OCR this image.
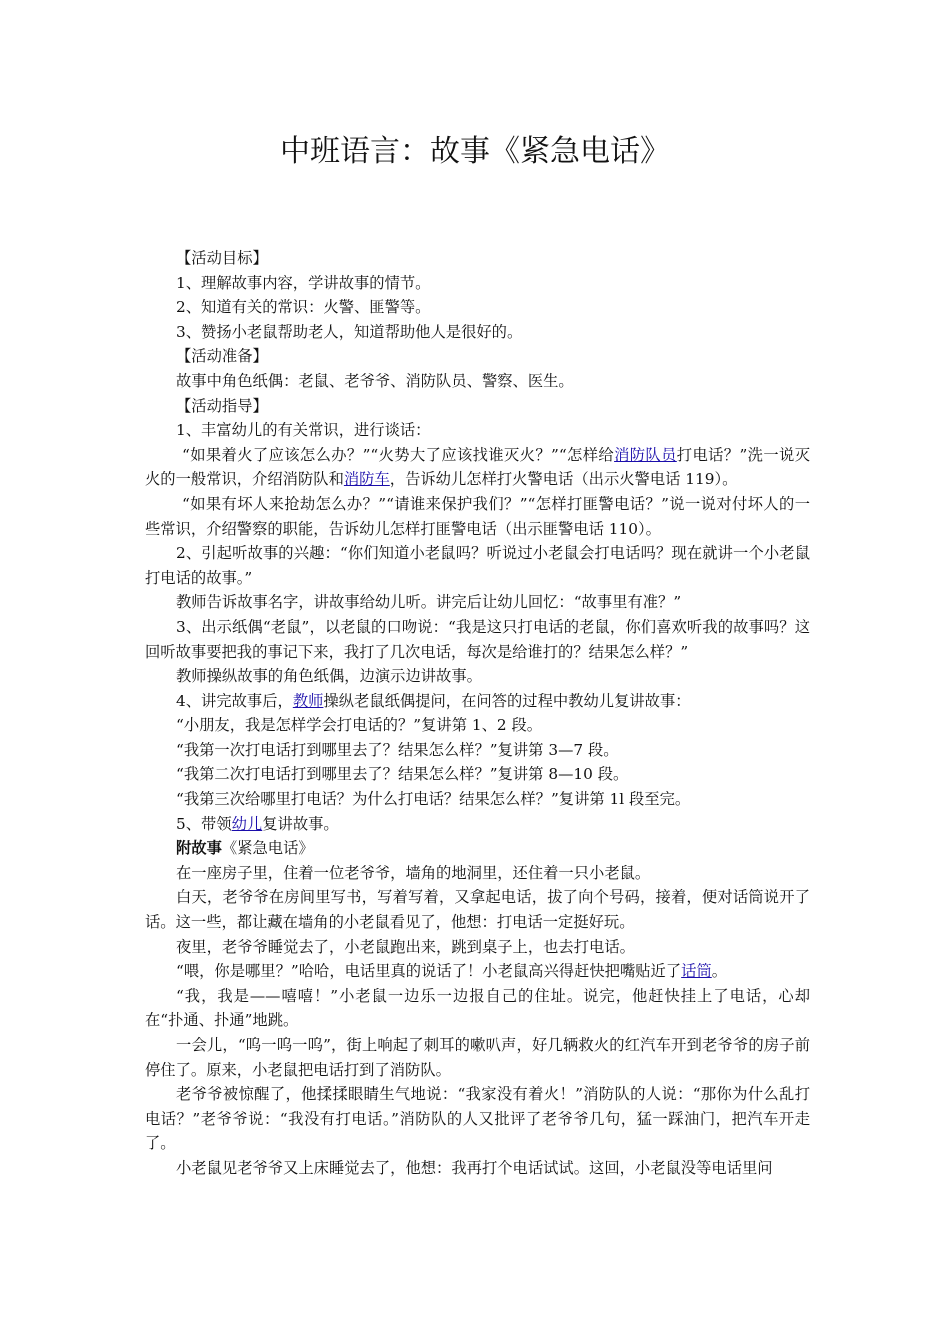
中班语言：故事《紧急电话》

【活动目标】

1、理解故事内容，学讲故事的情节。

2、知道有关的常识：火警、匪警等。

3、赞扬小老鼠帮助老人，知道帮助他人是很好的。

【活动准备】

故事中角色纸偶：老鼠、老爷爷、消防队员、警察、医生。

【活动指导】

1、丰富幼儿的有关常识，进行谈话：

“如果着火了应该怎么办？”“火势大了应该找谁灭火？”“怎样给消防队员打电话？”洗一说灭火的一般常识，介绍消防队和消防车，告诉幼儿怎样打火警电话（出示火警电话 119）。

“如果有坏人来抢劫怎么办？”“请谁来保护我们？”“怎样打匪警电话？”说一说对付坏人的一些常识，介绍警察的职能，告诉幼儿怎样打匪警电话（出示匪警电话 110）。

2、引起听故事的兴趣：“你们知道小老鼠吗？听说过小老鼠会打电话吗？现在就讲一个小老鼠打电话的故事。”

教师告诉故事名字，讲故事给幼儿听。讲完后让幼儿回忆：“故事里有准？”

3、出示纸偶“老鼠”，以老鼠的口吻说：“我是这只打电话的老鼠，你们喜欢听我的故事吗？这回听故事要把我的事记下来，我打了几次电话，每次是给谁打的？结果怎么样？”

教师操纵故事的角色纸偶，边演示边讲故事。

4、讲完故事后，教师操纵老鼠纸偶提问，在问答的过程中教幼儿复讲故事：

“小朋友，我是怎样学会打电话的？”复讲第 1、2 段。

“我第一次打电话打到哪里去了？结果怎么样？”复讲第 3—7 段。

“我第二次打电话打到哪里去了？结果怎么样？”复讲第 8—10 段。

“我第三次给哪里打电话？为什么打电话？结果怎么样？”复讲第 1l 段至完。

5、带领幼儿复讲故事。

附故事《紧急电话》

在一座房子里，住着一位老爷爷，墙角的地洞里，还住着一只小老鼠。

白天，老爷爷在房间里写书，写着写着，又拿起电话，拔了向个号码，接着，便对话筒说开了话。这一些，都让藏在墙角的小老鼠看见了，他想：打电话一定挺好玩。

夜里，老爷爷睡觉去了，小老鼠跑出来，跳到桌子上，也去打电话。

“喂，你是哪里？”哈哈，电话里真的说话了！小老鼠高兴得赶快把嘴贴近了话筒。

“我，我是——嘻嘻！”小老鼠一边乐一边报自己的住址。说完，他赶快挂上了电话，心却在“扑通、扑通”地跳。

一会儿，“呜一呜一呜”，街上响起了刺耳的嗽叭声，好几辆救火的红汽车开到老爷爷的房子前停住了。原来，小老鼠把电话打到了消防队。

老爷爷被惊醒了，他揉揉眼睛生气地说：“我家没有着火！”消防队的人说：“那你为什么乱打电话？”老爷爷说：“我没有打电话。”消防队的人又批评了老爷爷几句，猛一踩油门，把汽车开走了。

小老鼠见老爷爷又上床睡觉去了，他想：我再打个电话试试。这回，小老鼠没等电话里问
